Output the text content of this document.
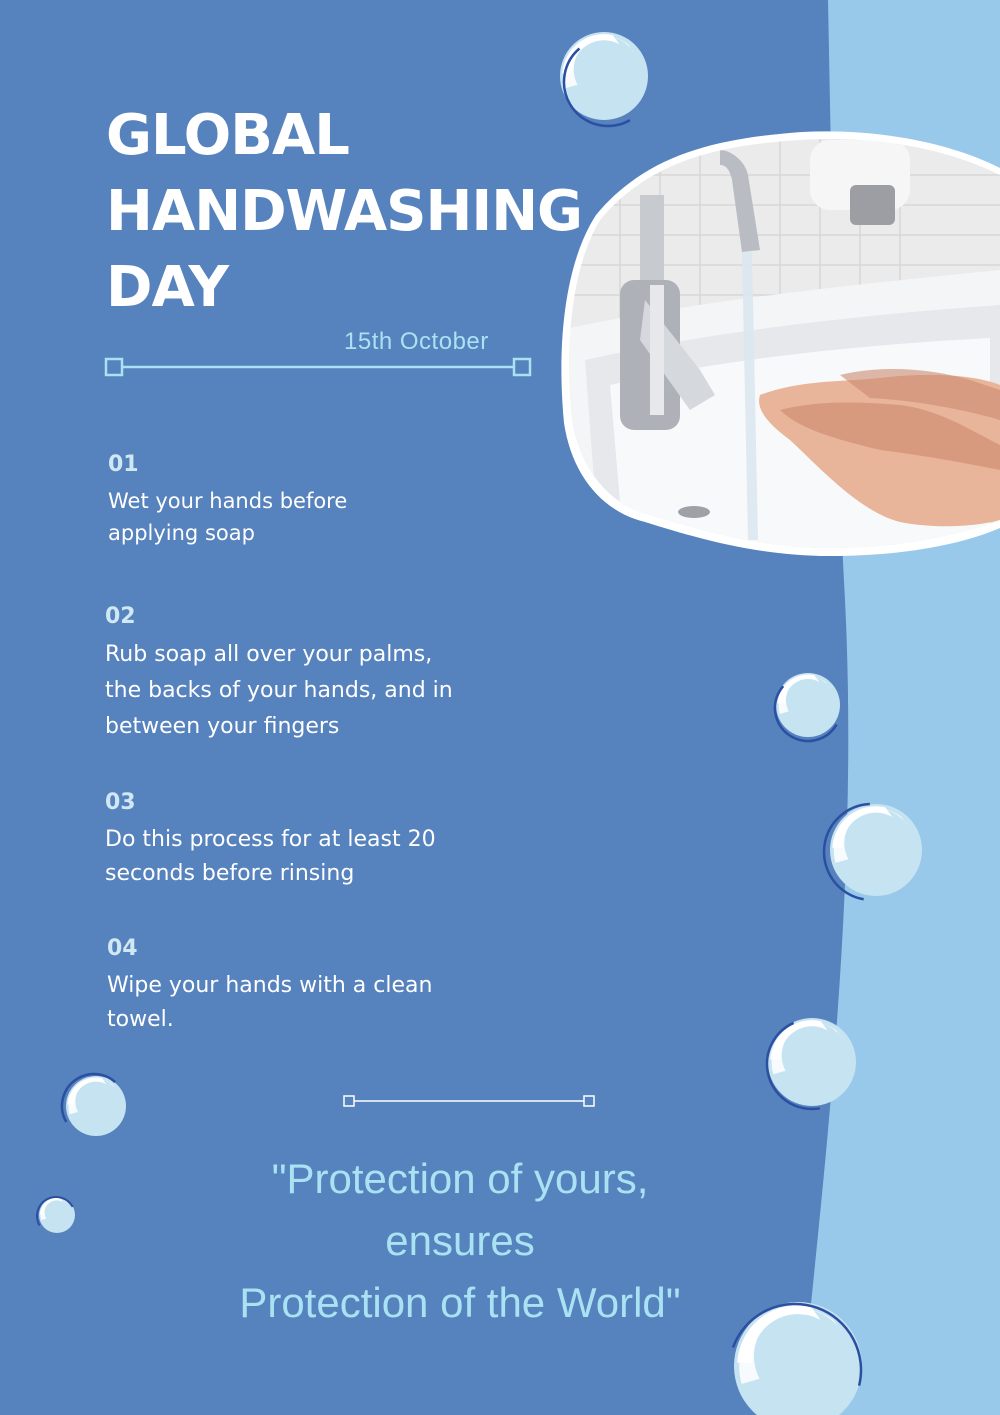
GLOBAL
HANDWASHING
DAY
15th October
01
Wet your hands before
applying soap
02
Rub soap all over your palms,
the backs of your hands, and in
between your fingers
03
Do this process for at least 20
seconds before rinsing
04
Wipe your hands with a clean
towel.
"Protection of yours,
ensures
Protection of the World"
